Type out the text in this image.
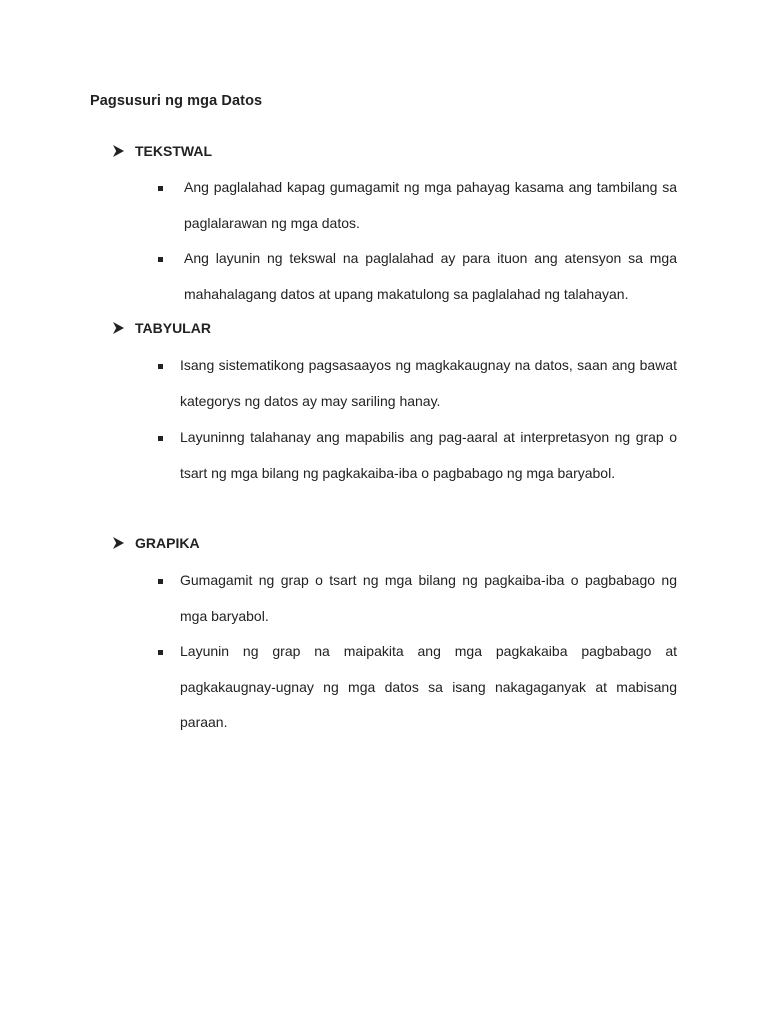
Pagsusuri ng mga Datos
TEKSTWAL
Ang paglalahad kapag gumagamit ng mga pahayag kasama ang tambilang sa paglalarawan ng mga datos.
Ang layunin ng tekswal na paglalahad ay para ituon ang atensyon sa mga mahahalagang datos at upang makatulong sa paglalahad ng talahayan.
TABYULAR
Isang sistematikong pagsasaayos ng magkakaugnay na datos, saan ang bawat kategorys ng datos ay may sariling hanay.
Layuninng talahanay ang mapabilis ang pag-aaral at interpretasyon ng grap o tsart ng mga bilang ng pagkakaiba-iba o pagbabago ng mga baryabol.
GRAPIKA
Gumagamit ng grap o tsart ng mga bilang ng pagkaiba-iba o pagbabago ng mga baryabol.
Layunin ng grap na maipakita ang mga pagkakaiba pagbabago at pagkakaugnay-ugnay ng mga datos sa isang nakagaganyak at mabisang paraan.
